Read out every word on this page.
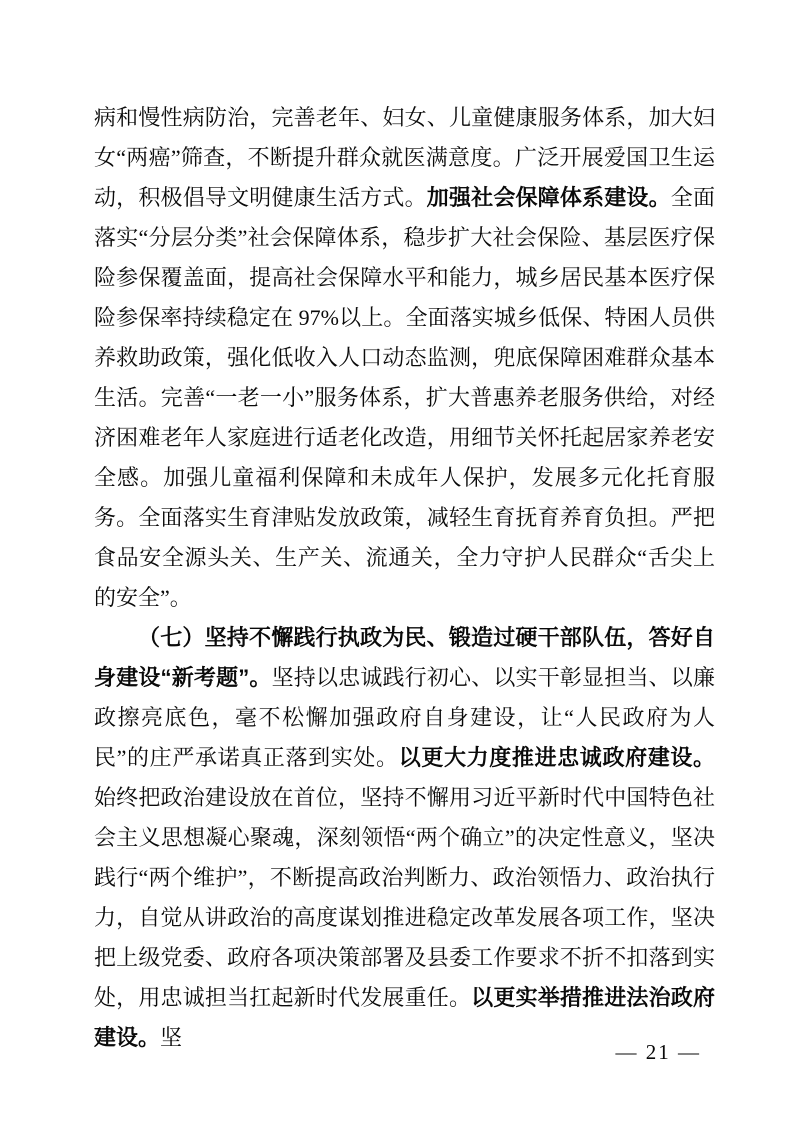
病和慢性病防治，完善老年、妇女、儿童健康服务体系，加大妇女“两癌”筛查，不断提升群众就医满意度。广泛开展爱国卫生运动，积极倡导文明健康生活方式。加强社会保障体系建设。全面落实“分层分类”社会保障体系，稳步扩大社会保险、基层医疗保险参保覆盖面，提高社会保障水平和能力，城乡居民基本医疗保险参保率持续稳定在 97%以上。全面落实城乡低保、特困人员供养救助政策，强化低收入人口动态监测，兜底保障困难群众基本生活。完善“一老一小”服务体系，扩大普惠养老服务供给，对经济困难老年人家庭进行适老化改造，用细节关怀托起居家养老安全感。加强儿童福利保障和未成年人保护，发展多元化托育服务。全面落实生育津贴发放政策，减轻生育抚育养育负担。严把食品安全源头关、生产关、流通关，全力守护人民群众“舌尖上的安全”。

（七）坚持不懈践行执政为民、锻造过硬干部队伍，答好自身建设“新考题”。坚持以忠诚践行初心、以实干彰显担当、以廉政擦亮底色，毫不松懈加强政府自身建设，让“人民政府为人民”的庄严承诺真正落到实处。以更大力度推进忠诚政府建设。始终把政治建设放在首位，坚持不懈用习近平新时代中国特色社会主义思想凝心聚魂，深刻领悟“两个确立”的决定性意义，坚决践行“两个维护”，不断提高政治判断力、政治领悟力、政治执行力，自觉从讲政治的高度谋划推进稳定改革发展各项工作，坚决把上级党委、政府各项决策部署及县委工作要求不折不扣落到实处，用忠诚担当扛起新时代发展重任。以更实举措推进法治政府建设。坚

— 21 —
